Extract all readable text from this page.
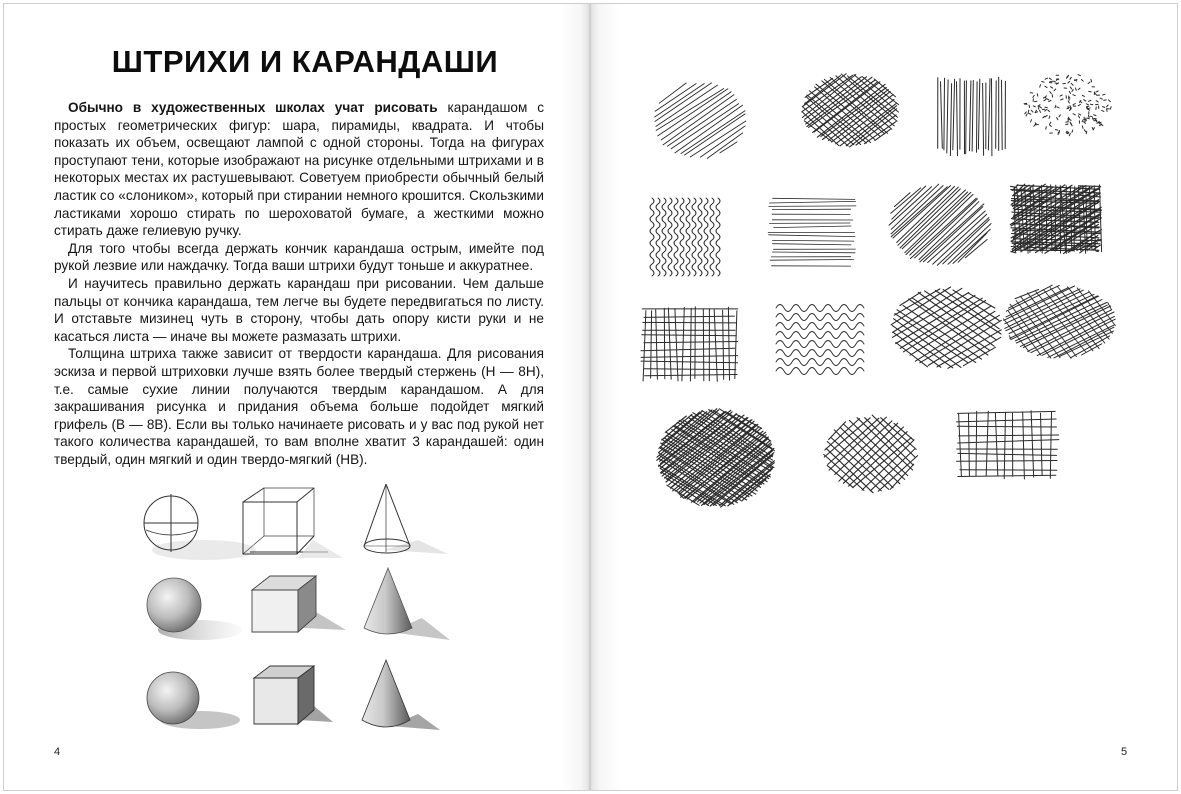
ШТРИХИ И КАРАНДАШИ

Обычно в художественных школах учат рисовать карандашом с простых геометрических фигур: шара, пирамиды, квадрата. И чтобы показать их объем, освещают лампой с одной стороны. Тогда на фигурах проступают тени, которые изображают на рисунке отдельными штрихами и в некоторых местах их растушевывают. Советуем приобрести обычный белый ластик со «слоником», который при стирании немного крошится. Скользкими ластиками хорошо стирать по шероховатой бумаге, а жесткими можно стирать даже гелиевую ручку.

Для того чтобы всегда держать кончик карандаша острым, имейте под рукой лезвие или наждачку. Тогда ваши штрихи будут тоньше и аккуратнее.

И научитесь правильно держать карандаш при рисовании. Чем дальше пальцы от кончика карандаша, тем легче вы будете передвигаться по листу. И отставьте мизинец чуть в сторону, чтобы дать опору кисти руки и не касаться листа — иначе вы можете размазать штрихи.

Толщина штриха также зависит от твердости карандаша. Для рисования эскиза и первой штриховки лучше взять более твердый стержень (Н — 8Н), т.е. самые сухие линии получаются твердым карандашом. А для закрашивания рисунка и придания объема больше подойдет мягкий грифель (В — 8В). Если вы только начинаете рисовать и у вас под рукой нет такого количества карандашей, то вам вполне хватит 3 карандашей: один твердый, один мягкий и один твердо-мягкий (НВ).

4	5
